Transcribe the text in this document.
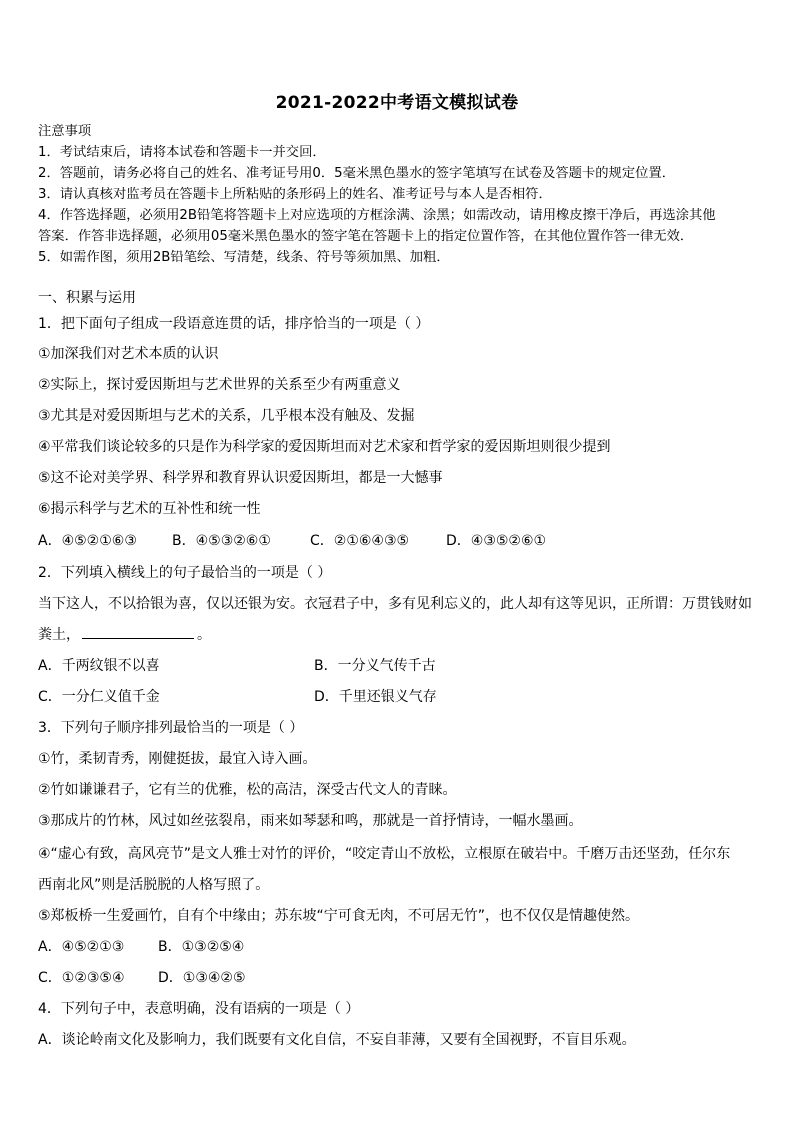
2021-2022中考语文模拟试卷
注意事项
1．考试结束后，请将本试卷和答题卡一并交回．
2．答题前，请务必将自己的姓名、准考证号用0．5毫米黑色墨水的签字笔填写在试卷及答题卡的规定位置．
3．请认真核对监考员在答题卡上所粘贴的条形码上的姓名、准考证号与本人是否相符．
4．作答选择题，必须用2B铅笔将答题卡上对应选项的方框涂满、涂黑；如需改动，请用橡皮擦干净后，再选涂其他
答案．作答非选择题，必须用05毫米黑色墨水的签字笔在答题卡上的指定位置作答，在其他位置作答一律无效．
5．如需作图，须用2B铅笔绘、写清楚，线条、符号等须加黑、加粗．
一、积累与运用
1．把下面句子组成一段语意连贯的话，排序恰当的一项是（ ）
①加深我们对艺术本质的认识
②实际上，探讨爱因斯坦与艺术世界的关系至少有两重意义
③尤其是对爱因斯坦与艺术的关系，几乎根本没有触及、发掘
④平常我们谈论较多的只是作为科学家的爱因斯坦而对艺术家和哲学家的爱因斯坦则很少提到
⑤这不论对美学界、科学界和教育界认识爱因斯坦，都是一大憾事
⑥揭示科学与艺术的互补性和统一性
A．④⑤②①⑥③	B．④⑤③②⑥①	C．②①⑥④③⑤	D．④③⑤②⑥①
2．下列填入横线上的句子最恰当的一项是（ ）
当下这人，不以拾银为喜，仅以还银为安。衣冠君子中，多有见利忘义的，此人却有这等见识，正所谓：万贯钱财如
粪土，	。
A．千两纹银不以喜	B．一分义气传千古
C．一分仁义值千金	D．千里还银义气存
3．下列句子顺序排列最恰当的一项是（ ）
①竹，柔韧青秀，刚健挺拔，最宜入诗入画。
②竹如谦谦君子，它有兰的优雅，松的高洁，深受古代文人的青睐。
③那成片的竹林，风过如丝弦裂帛，雨来如琴瑟和鸣，那就是一首抒情诗，一幅水墨画。
④“虚心有致，高风亮节”是文人雅士对竹的评价，“咬定青山不放松，立根原在破岩中。千磨万击还坚劲，任尔东
西南北风”则是活脱脱的人格写照了。
⑤郑板桥一生爱画竹，自有个中缘由；苏东坡“宁可食无肉，不可居无竹”，也不仅仅是情趣使然。
A．④⑤②①③ B．①③②⑤④
C．①②③⑤④ D．①③④②⑤
4．下列句子中，表意明确，没有语病的一项是（ ）
A．谈论岭南文化及影响力，我们既要有文化自信，不妄自菲薄，又要有全国视野，不盲目乐观。
